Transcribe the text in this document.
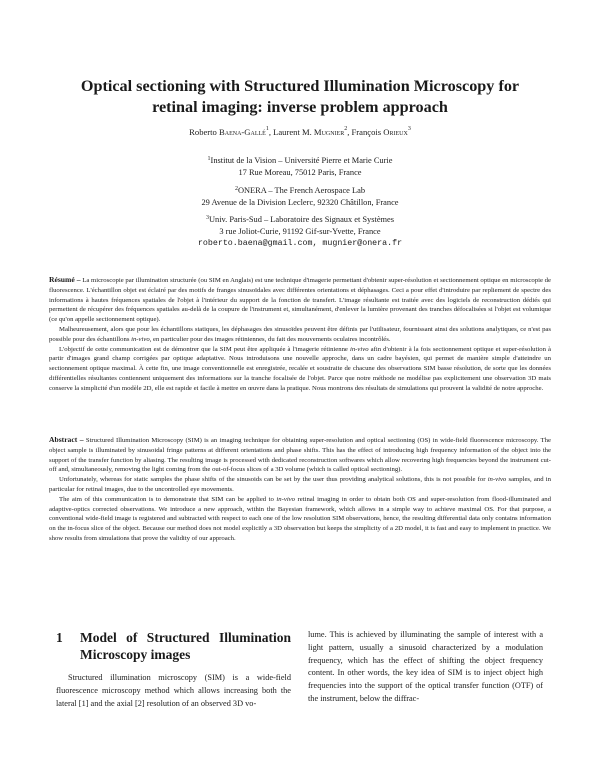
Optical sectioning with Structured Illumination Microscopy for
retinal imaging: inverse problem approach
Roberto Baena-Gallé$^1$, Laurent M. Mugnier$^2$, François Orieux$^3$
$^1$Institut de la Vision – Université Pierre et Marie Curie
17 Rue Moreau, 75012 Paris, France
$^2$ONERA – The French Aerospace Lab
29 Avenue de la Division Leclerc, 92320 Châtillon, France
$^3$Univ. Paris-Sud – Laboratoire des Signaux et Systèmes
3 rue Joliot-Curie, 91192 Gif-sur-Yvette, France
roberto.baena@gmail.com, mugnier@onera.fr

Résumé – La microscopie par illumination structurée (ou SIM en Anglais) est une technique d'imagerie permettant d'obtenir super-résolution et sectionnement optique en microscopie de fluorescence. L'échantillon objet est éclairé par des motifs de franges sinusoïdales avec différentes orientations et déphasages. Ceci a pour effet d'introduire par repliement de spectre des informations à hautes fréquences spatiales de l'objet à l'intérieur du support de la fonction de transfert. L'image résultante est traitée avec des logiciels de reconstruction dédiés qui permettent de récupérer des fréquences spatiales au-delà de la coupure de l'instrument et, simultanément, d'enlever la lumière provenant des tranches défocalisées si l'objet est volumique (ce qu'on appelle sectionnement optique).

Malheureusement, alors que pour les échantillons statiques, les déphasages des sinusoïdes peuvent être définis par l'utilisateur, fournissant ainsi des solutions analytiques, ce n'est pas possible pour des échantillons in-vivo, en particulier pour des images rétiniennes, du fait des mouvements oculaires incontrôlés.

L'objectif de cette communication est de démontrer que la SIM peut être appliquée à l'imagerie rétinienne in-vivo afin d'obtenir à la fois sectionnement optique et super-résolution à partir d'images grand champ corrigées par optique adaptative. Nous introduisons une nouvelle approche, dans un cadre bayésien, qui permet de manière simple d'atteindre un sectionnement optique maximal. À cette fin, une image conventionnelle est enregistrée, recalée et soustraite de chacune des observations SIM basse résolution, de sorte que les données différentielles résultantes contiennent uniquement des informations sur la tranche focalisée de l'objet. Parce que notre méthode ne modélise pas explicitement une observation 3D mais conserve la simplicité d'un modèle 2D, elle est rapide et facile à mettre en œuvre dans la pratique. Nous montrons des résultats de simulations qui prouvent la validité de notre approche.

Abstract – Structured Illumination Microscopy (SIM) is an imaging technique for obtaining super-resolution and optical sectioning (OS) in wide-field fluorescence microscopy. The object sample is illuminated by sinusoidal fringe patterns at different orientations and phase shifts. This has the effect of introducing high frequency information of the object into the support of the transfer function by aliasing. The resulting image is processed with dedicated reconstruction softwares which allow recovering high frequencies beyond the instrument cut-off and, simultaneously, removing the light coming from the out-of-focus slices of a 3D volume (which is called optical sectioning).

Unfortunately, whereas for static samples the phase shifts of the sinusoids can be set by the user thus providing analytical solutions, this is not possible for in-vivo samples, and in particular for retinal images, due to the uncontrolled eye movements.

The aim of this communication is to demonstrate that SIM can be applied to in-vivo retinal imaging in order to obtain both OS and super-resolution from flood-illuminated and adaptive-optics corrected observations. We introduce a new approach, within the Bayesian framework, which allows in a simple way to achieve maximal OS. For that purpose, a conventional wide-field image is registered and subtracted with respect to each one of the low resolution SIM observations, hence, the resulting differential data only contains information on the in-focus slice of the object. Because our method does not model explicitly a 3D observation but keeps the simplicity of a 2D model, it is fast and easy to implement in practice. We show results from simulations that prove the validity of our approach.

1 Model of Structured Illumination Microscopy images

Structured illumination microscopy (SIM) is a wide-field fluorescence microscopy method which allows increasing both the lateral [1] and the axial [2] resolution of an observed 3D vo-

lume. This is achieved by illuminating the sample of interest with a light pattern, usually a sinusoid characterized by a modulation frequency, which has the effect of shifting the object frequency content. In other words, the key idea of SIM is to inject object high frequencies into the support of the optical transfer function (OTF) of the instrument, below the diffrac-
